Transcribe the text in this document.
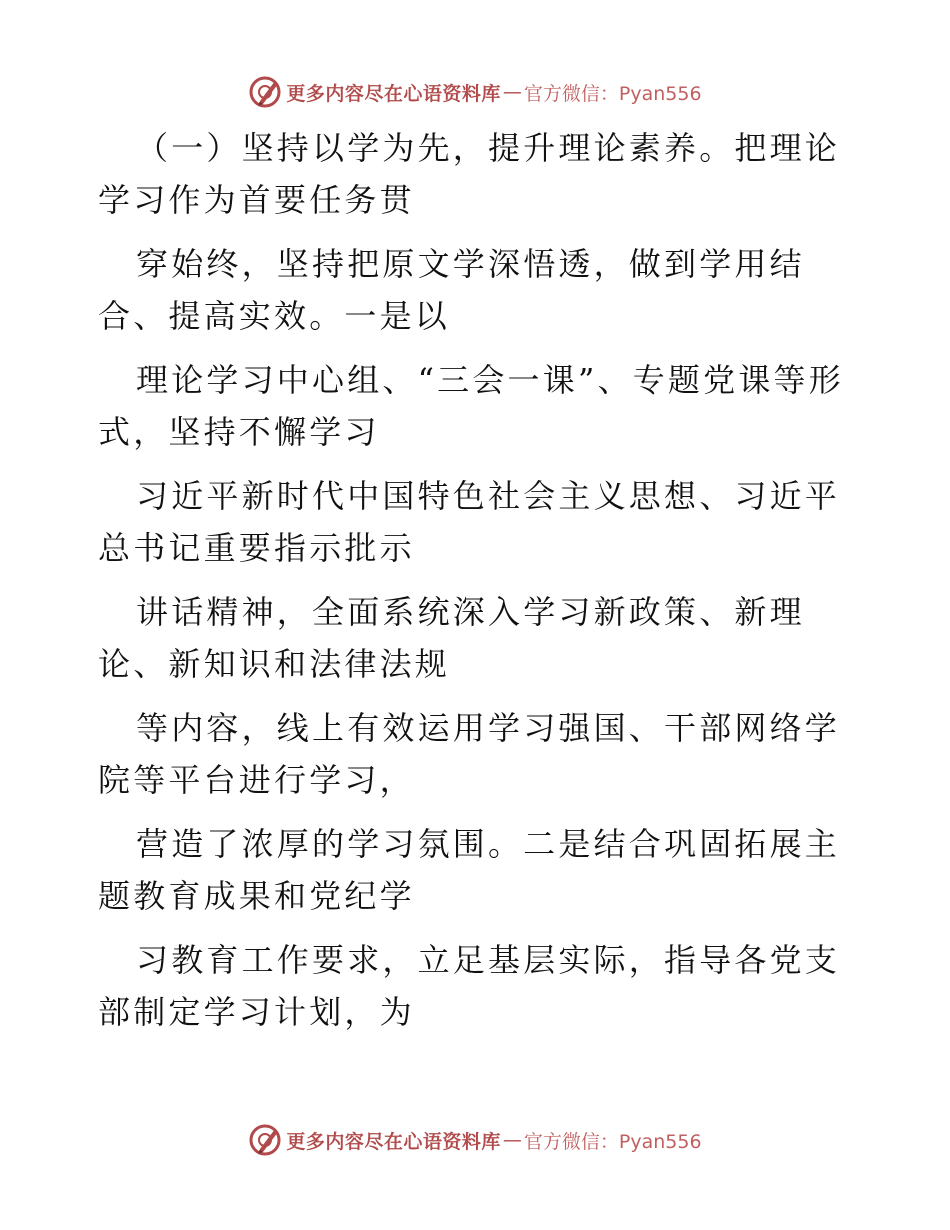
更多内容尽在心语资料库 — 官方微信：Pyan556

（一）坚持以学为先，提升理论素养。把理论学习作为首要任务贯

穿始终，坚持把原文学深悟透，做到学用结合、提高实效。一是以

理论学习中心组、“三会一课”、专题党课等形式，坚持不懈学习

习近平新时代中国特色社会主义思想、习近平总书记重要指示批示

讲话精神，全面系统深入学习新政策、新理论、新知识和法律法规

等内容，线上有效运用学习强国、干部网络学院等平台进行学习，

营造了浓厚的学习氛围。二是结合巩固拓展主题教育成果和党纪学

习教育工作要求，立足基层实际，指导各党支部制定学习计划，为

更多内容尽在心语资料库 — 官方微信：Pyan556
